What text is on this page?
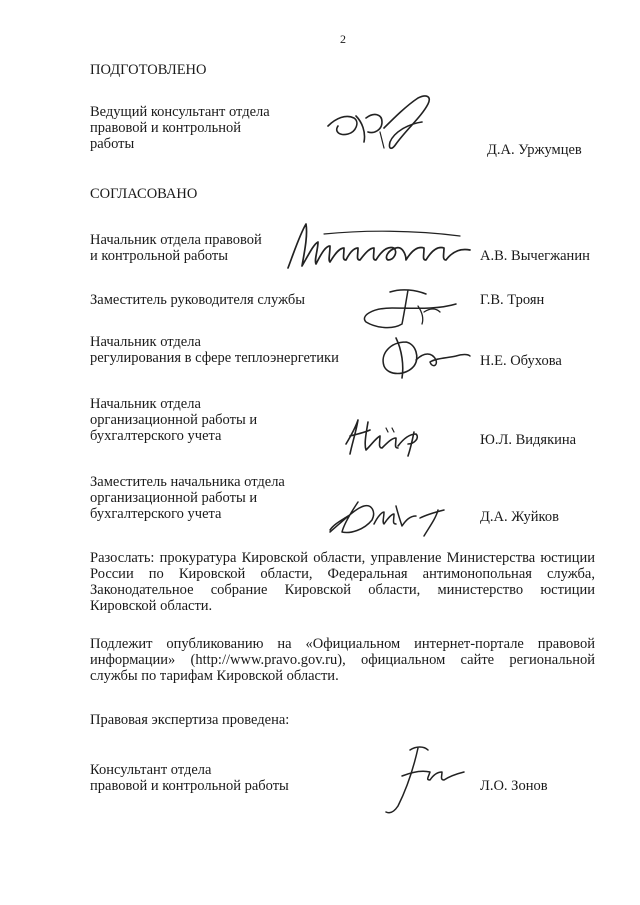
2
ПОДГОТОВЛЕНО
Ведущий консультант отдела
правовой и контрольной
работы	Д.А. Уржумцев
СОГЛАСОВАНО
Начальник отдела правовой
и контрольной работы	А.В. Вычегжанин
Заместитель руководителя службы	Г.В. Троян
Начальник отдела
регулирования в сфере теплоэнергетики	Н.Е. Обухова
Начальник отдела
организационной работы и
бухгалтерского учета	Ю.Л. Видякина
Заместитель начальника отдела
организационной работы и
бухгалтерского учета	Д.А. Жуйков
Разослать: прокуратура Кировской области, управление Министерства юстиции России по Кировской области, Федеральная антимонопольная служба, Законодательное собрание Кировской области, министерство юстиции Кировской области.
Подлежит опубликованию на «Официальном интернет-портале правовой информации» (http://www.pravo.gov.ru), официальном сайте региональной службы по тарифам Кировской области.
Правовая экспертиза проведена:
Консультант отдела
правовой и контрольной работы	Л.О. Зонов
